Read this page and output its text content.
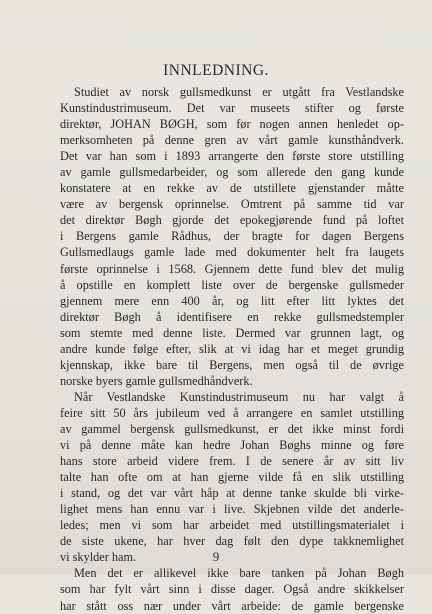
INNLEDNING.
Studiet av norsk gullsmedkunst er utgått fra Vestlandske
Kunstindustrimuseum. Det var museets stifter og første
direktør, JOHAN BØGH, som før nogen annen henledet op-
merksomheten på denne gren av vårt gamle kunsthåndverk.
Det var han som i 1893 arrangerte den første store utstilling
av gamle gullsmedarbeider, og som allerede den gang kunde
konstatere at en rekke av de utstillete gjenstander måtte
være av bergensk oprinnelse. Omtrent på samme tid var
det direktør Bøgh gjorde det epokegjørende fund på loftet
i Bergens gamle Rådhus, der bragte for dagen Bergens
Gullsmedlaugs gamle lade med dokumenter helt fra laugets
første oprinnelse i 1568. Gjennem dette fund blev det mulig
å opstille en komplett liste over de bergenske gullsmeder
gjennem mere enn 400 år, og litt efter litt lyktes det
direktør Bøgh å identifisere en rekke gullsmedstempler
som stemte med denne liste. Dermed var grunnen lagt, og
andre kunde følge efter, slik at vi idag har et meget grundig
kjennskap, ikke bare til Bergens, men også til de øvrige
norske byers gamle gullsmedhåndverk.
Når Vestlandske Kunstindustrimuseum nu har valgt å
feire sitt 50 års jubileum ved å arrangere en samlet utstilling
av gammel bergensk gullsmedkunst, er det ikke minst fordi
vi på denne måte kan hedre Johan Bøghs minne og føre
hans store arbeid videre frem. I de senere år av sitt liv
talte han ofte om at han gjerne vilde få en slik utstilling
i stand, og det var vårt håp at denne tanke skulde bli virke-
lighet mens han ennu var i live. Skjebnen vilde det anderle-
ledes; men vi som har arbeidet med utstillingsmaterialet i
de siste ukene, har hver dag følt den dype takknemlighet
vi skylder ham.
Men det er allikevel ikke bare tanken på Johan Bøgh
som har fylt vårt sinn i disse dager. Også andre skikkelser
har stått oss nær under vårt arbeide: de gamle bergenske
9
